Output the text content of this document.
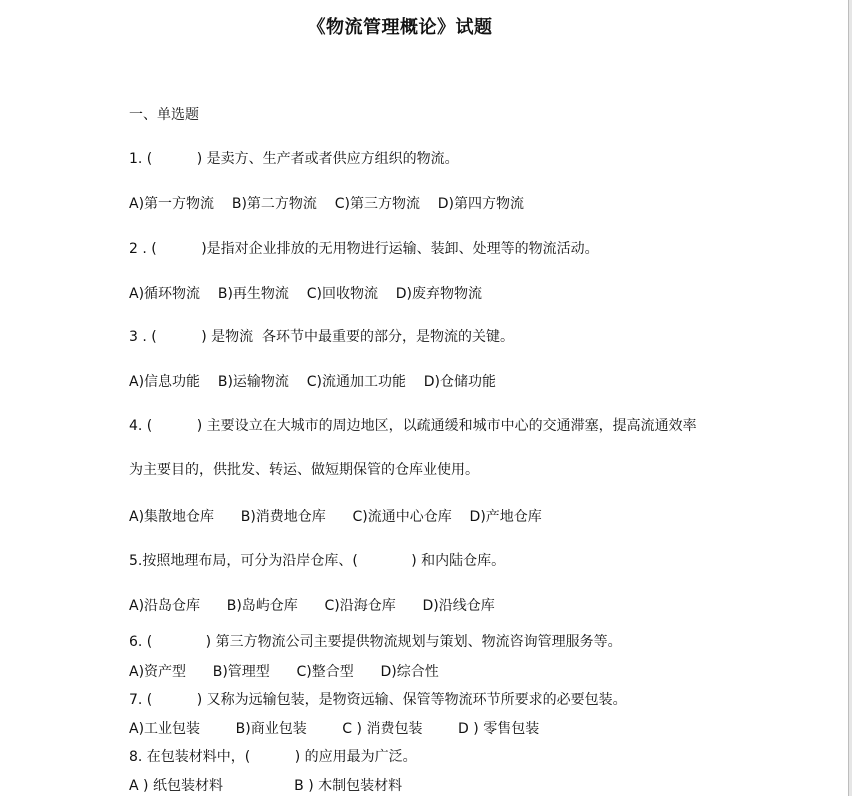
《物流管理概论》试题
一、单选题
1. (          ) 是卖方、生产者或者供应方组织的物流。
A)第一方物流    B)第二方物流    C)第三方物流    D)第四方物流
2 . (          )是指对企业排放的无用物进行运输、装卸、处理等的物流活动。
A)循环物流    B)再生物流    C)回收物流    D)废弃物物流
3 . (          ) 是物流  各环节中最重要的部分，是物流的关键。
A)信息功能    B)运输物流    C)流通加工功能    D)仓储功能
4. (          ) 主要设立在大城市的周边地区，以疏通缓和城市中心的交通滞塞，提高流通效率
为主要目的，供批发、转运、做短期保管的仓库业使用。
A)集散地仓库      B)消费地仓库      C)流通中心仓库    D)产地仓库
5.按照地理布局，可分为沿岸仓库、(            ) 和内陆仓库。
A)沿岛仓库      B)岛屿仓库      C)沿海仓库      D)沿线仓库
6. (            ) 第三方物流公司主要提供物流规划与策划、物流咨询管理服务等。
A)资产型      B)管理型      C)整合型      D)综合性
7. (          ) 又称为远输包装，是物资远输、保管等物流环节所要求的必要包装。
A)工业包装        B)商业包装        C ) 消费包装        D ) 零售包装
8. 在包装材料中，(          ) 的应用最为广泛。
A ) 纸包装材料                B ) 木制包装材料
